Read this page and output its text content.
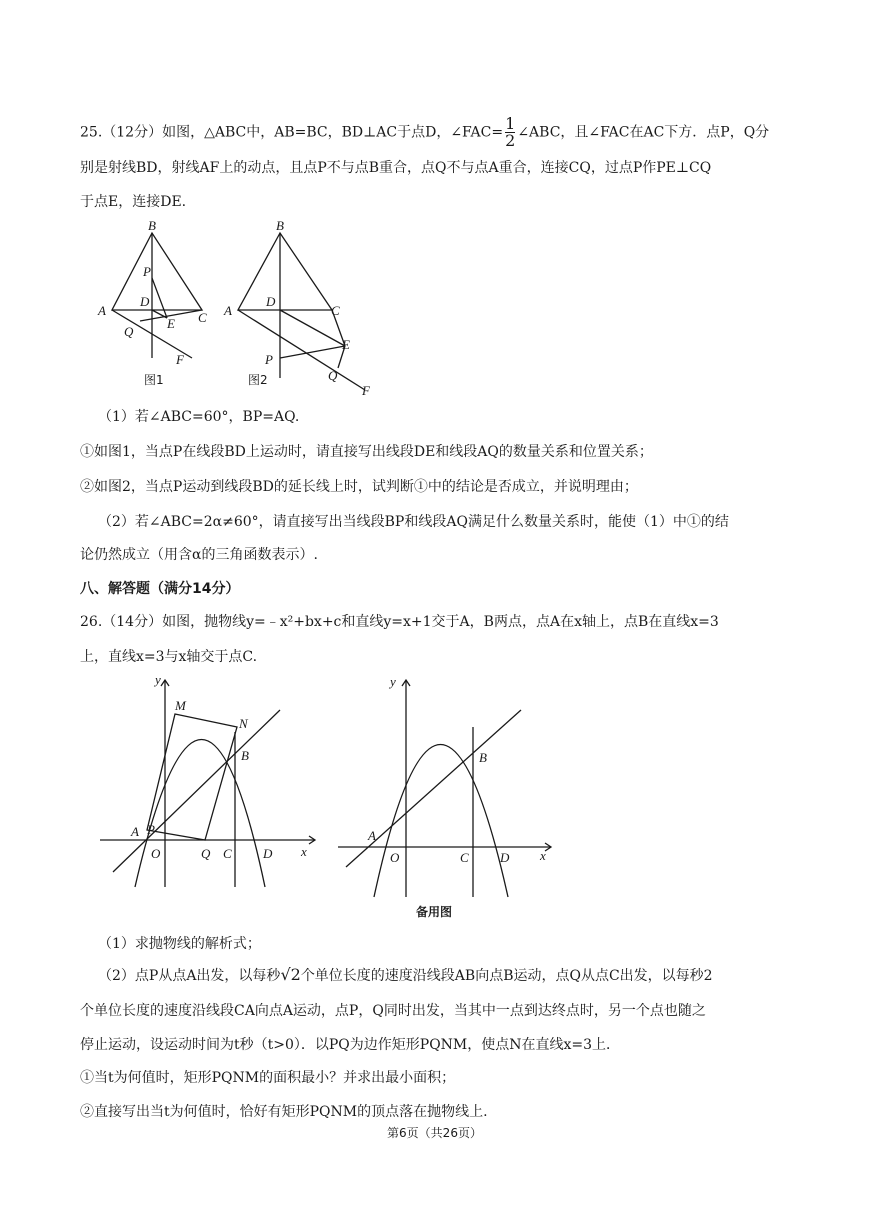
25.（12分）如图，△ABC中，AB=BC，BD⊥AC于点D，∠FAC= $\frac{1}{2}$ ∠ABC，且∠FAC在AC下方．点P，Q分
别是射线BD，射线AF上的动点，且点P不与点B重合，点Q不与点A重合，连接CQ，过点P作PE⊥CQ
于点E，连接DE.
B
P
D
A	C
E
Q
F
图1
B
D
A	C
E
P
Q
F
图2
（1）若∠ABC=60°，BP=AQ.
①如图1，当点P在线段BD上运动时，请直接写出线段DE和线段AQ的数量关系和位置关系；
②如图2，当点P运动到线段BD的延长线上时，试判断①中的结论是否成立，并说明理由；
（2）若∠ABC=2α≠60°，请直接写出当线段BP和线段AQ满足什么数量关系时，能使（1）中①的结
论仍然成立（用含α的三角函数表示）.
八、解答题（满分14分）
26.（14分）如图，抛物线y=﹣x²+bx+c和直线y=x+1交于A，B两点，点A在x轴上，点B在直线x=3
上，直线x=3与x轴交于点C.
y
M
N
B
A P
O	Q C D x
y
B
A
O	C D x
备用图
（1）求抛物线的解析式；
（2）点P从点A出发，以每秒√2个单位长度的速度沿线段AB向点B运动，点Q从点C出发，以每秒2
个单位长度的速度沿线段CA向点A运动，点P，Q同时出发，当其中一点到达终点时，另一个点也随之
停止运动，设运动时间为t秒（t>0）．以PQ为边作矩形PQNM，使点N在直线x=3上．
①当t为何值时，矩形PQNM的面积最小？并求出最小面积；
②直接写出当t为何值时，恰好有矩形PQNM的顶点落在抛物线上.
第6页（共26页）
